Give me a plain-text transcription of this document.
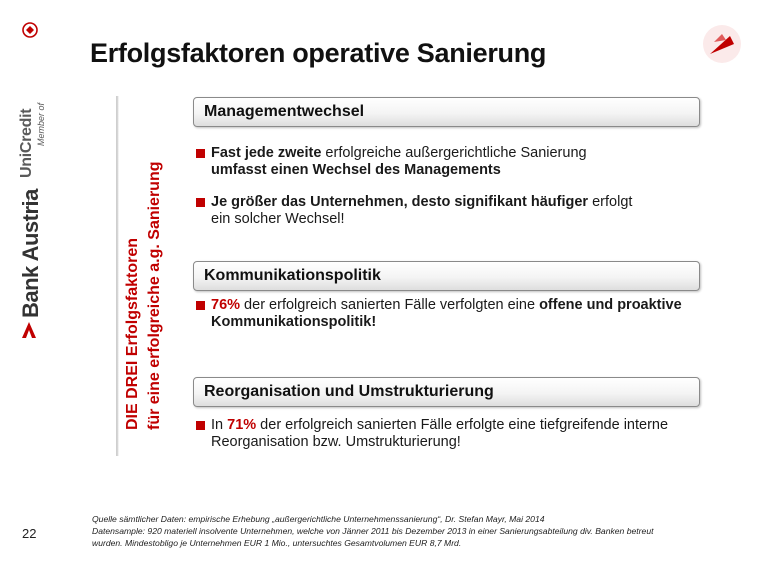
UniCredit Member of
Bank Austria
22
Erfolgsfaktoren operative Sanierung
DIE DREI Erfolgsfaktoren für eine erfolgreiche a.g. Sanierung
Managementwechsel
Kommunikationspolitik
Reorganisation und Umstrukturierung
Fast jede zweite erfolgreiche außergerichtliche Sanierung
umfasst einen Wechsel des Managements
Je größer das Unternehmen, desto signifikant häufiger erfolgt
ein solcher Wechsel!
76% der erfolgreich sanierten Fälle verfolgten eine offene und proaktive
Kommunikationspolitik!
In 71% der erfolgreich sanierten Fälle erfolgte eine tiefgreifende interne
Reorganisation bzw. Umstrukturierung!
Quelle sämtlicher Daten: empirische Erhebung „außergerichtliche Unternehmenssanierung“, Dr. Stefan Mayr, Mai 2014
Datensample: 920 materiell insolvente Unternehmen, welche von Jänner 2011 bis Dezember 2013 in einer Sanierungsabteilung div. Banken betreut
wurden. Mindestobligo je Unternehmen EUR 1 Mio., untersuchtes Gesamtvolumen EUR 8,7 Mrd.
